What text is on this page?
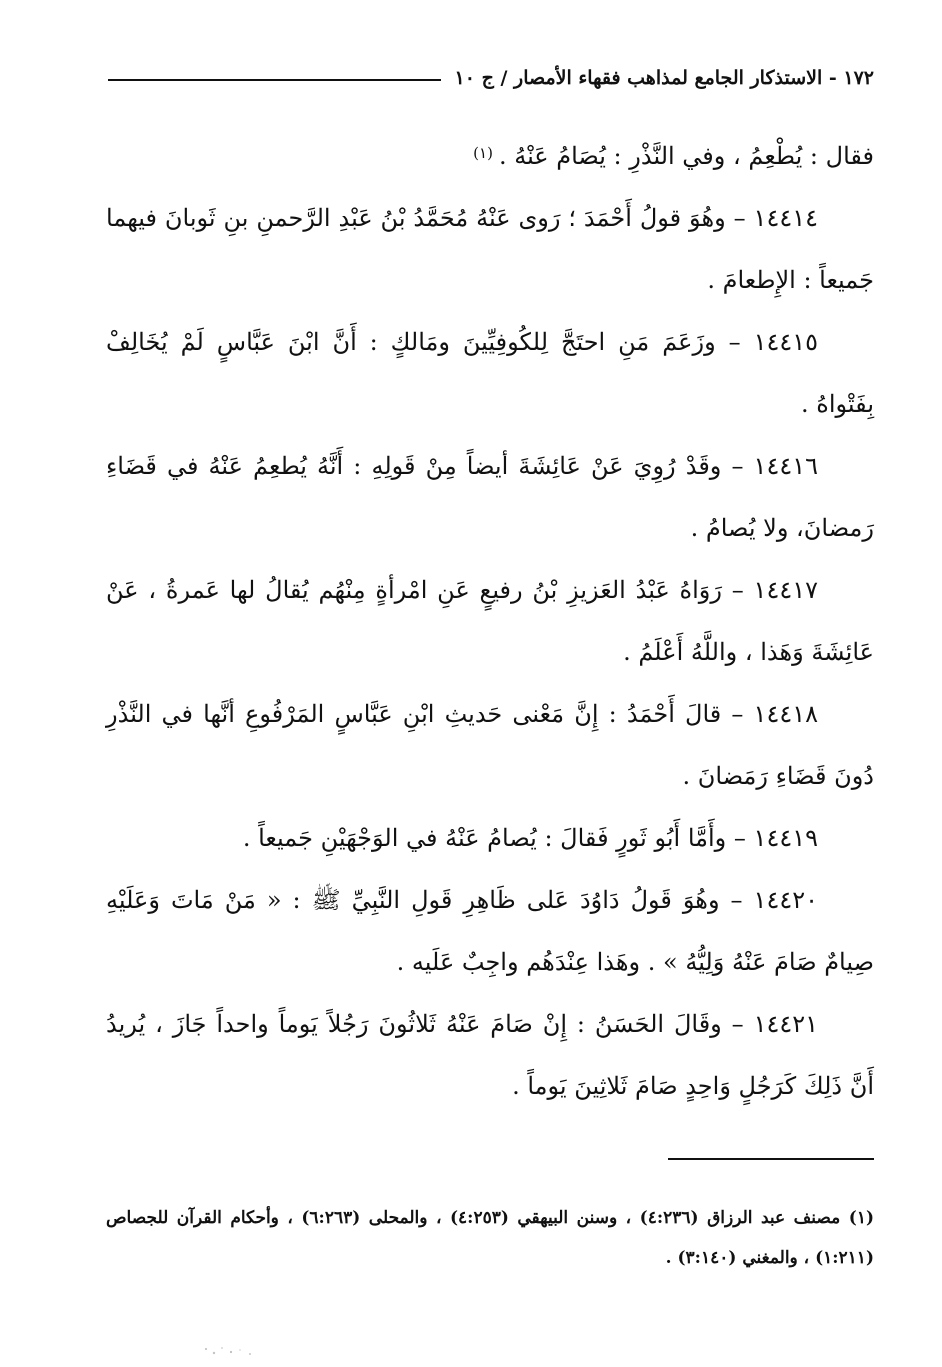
١٧٢ - الاستذكار الجامع لمذاهب فقهاء الأمصار / ج ١٠

فقال : يُطْعِمُ ، وفي النَّذْرِ : يُصَامُ عَنْهُ .$^{(١)}$

١٤٤١٤ – وهُوَ قولُ أَحْمَدَ ؛ رَوى عَنْهُ مُحَمَّدُ بْنُ عَبْدِ الرَّحمنِ بنِ ثَوبانَ فيهما جَميعاً : الإِطعامَ .

١٤٤١٥ – وزَعَمَ مَنِ احتَجَّ لِلكُوفِيِّينَ ومَالكٍ : أَنَّ ابْنَ عَبَّاسٍ لَمْ يُخَالِفْ بِفَتْواهُ .

١٤٤١٦ – وقَدْ رُوِيَ عَنْ عَائِشَةَ أيضاً مِنْ قَولِهِ : أَنَّهُ يُطعِمُ عَنْهُ في قَضَاءِ رَمضانَ، ولا يُصامُ .

١٤٤١٧ – رَوَاهُ عَبْدُ العَزيزِ بْنُ رفيعٍ عَنِ امْرأةٍ مِنْهُم يُقالُ لها عَمرةُ ، عَنْ عَائِشَةَ وَهَذا ، واللَّهُ أَعْلَمُ .

١٤٤١٨ – قالَ أَحْمَدُ : إِنَّ مَعْنى حَديثِ ابْنِ عَبَّاسٍ المَرْفُوعِ أنَّها في النَّذْرِ دُونَ قَضَاءِ رَمَضانَ .

١٤٤١٩ – وأَمَّا أَبُو ثَورٍ فَقالَ : يُصامُ عَنْهُ في الوَجْهَيْنِ جَميعاً .

١٤٤٢٠ – وهُوَ قَولُ دَاوُدَ عَلى ظَاهِرِ قَولِ النَّبِيِّ ﷺ : « مَنْ مَاتَ وَعَلَيْهِ صِيامٌ صَامَ عَنْهُ وَلِيُّهُ » . وهَذا عِنْدَهُم واجِبٌ عَلَيه .

١٤٤٢١ – وقَالَ الحَسَنُ : إِنْ صَامَ عَنْهُ ثَلاثُونَ رَجُلاً يَوماً واحداً جَازَ ، يُريدُ أَنَّ ذَلِكَ كَرَجُلٍ وَاحِدٍ صَامَ ثَلاثِينَ يَوماً .

(١) مصنف عبد الرزاق (٤:٢٣٦) ، وسنن البيهقي (٤:٢٥٣) ، والمحلى (٦:٢٦٣) ، وأحكام القرآن للجصاص (١:٢١١) ، والمغني (٣:١٤٠) .
